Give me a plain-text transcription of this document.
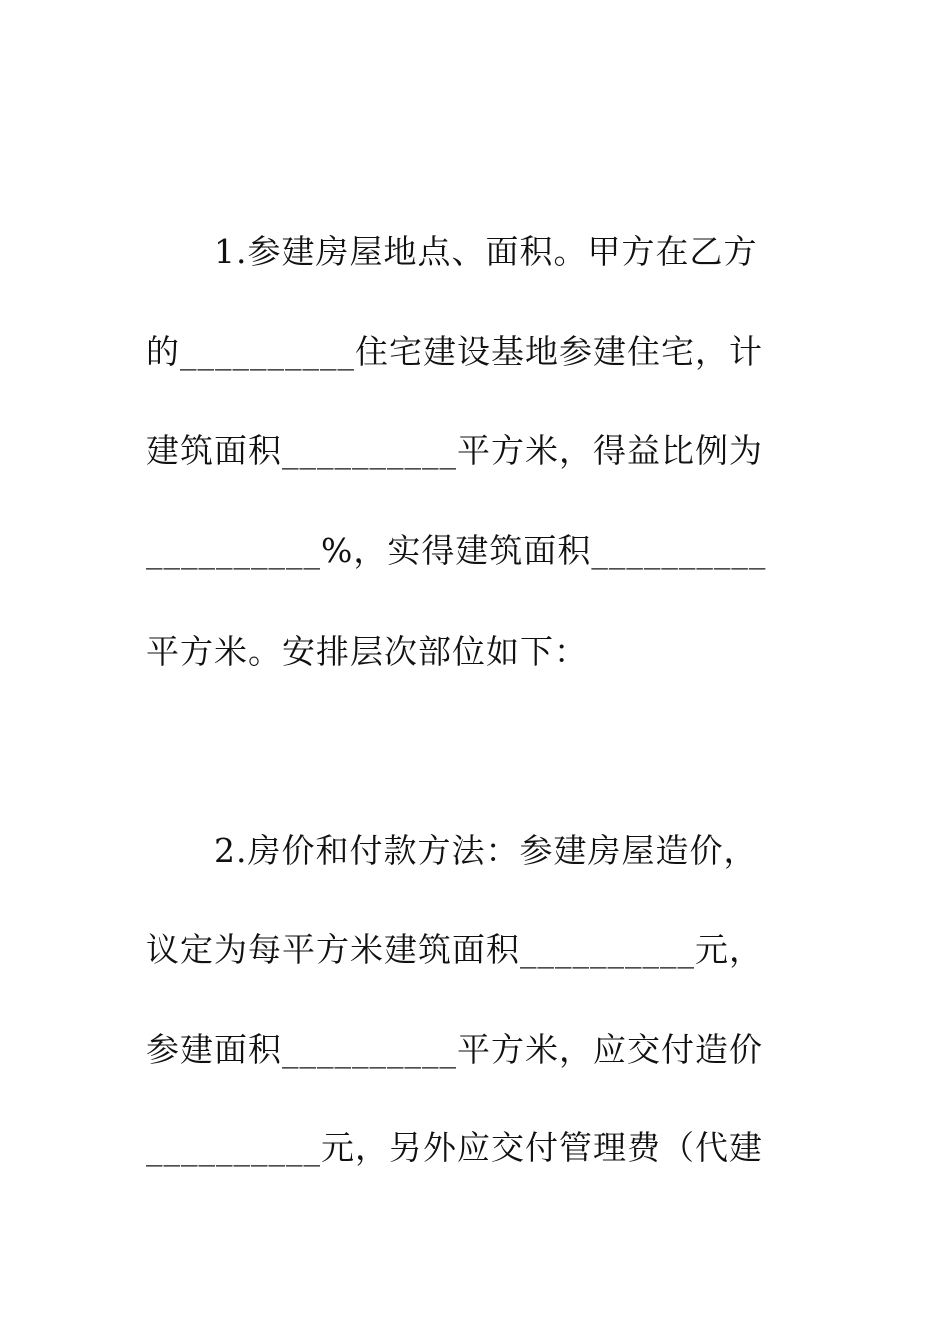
1.参建房屋地点、面积。甲方在乙方
的__________住宅建设基地参建住宅，计
建筑面积__________平方米，得益比例为
__________%，实得建筑面积__________
平方米。安排层次部位如下：
2.房价和付款方法：参建房屋造价，
议定为每平方米建筑面积__________元，
参建面积__________平方米，应交付造价
__________元，另外应交付管理费（代建
